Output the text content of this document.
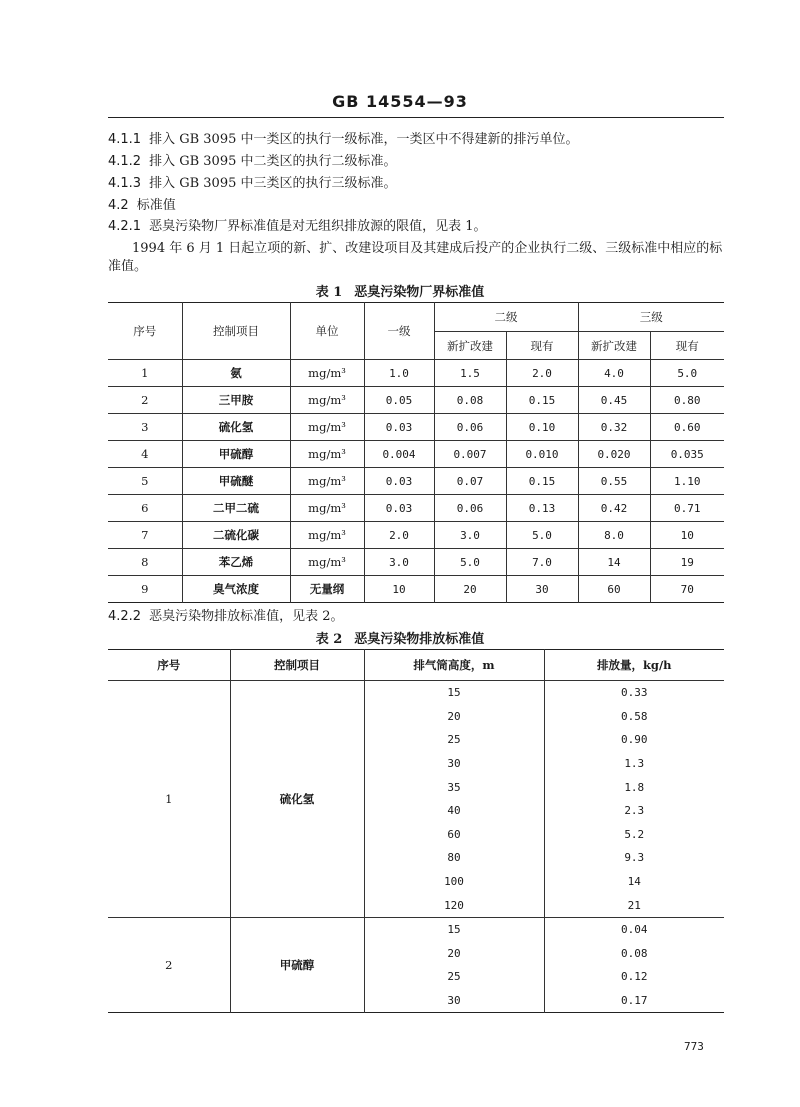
GB 14554—93
4.1.1 排入 GB 3095 中一类区的执行一级标准，一类区中不得建新的排污单位。
4.1.2 排入 GB 3095 中二类区的执行二级标准。
4.1.3 排入 GB 3095 中三类区的执行三级标准。
4.2 标准值
4.2.1 恶臭污染物厂界标准值是对无组织排放源的限值，见表 1。
1994 年 6 月 1 日起立项的新、扩、改建设项目及其建成后投产的企业执行二级、三级标准中相应的标准值。
表 1 恶臭污染物厂界标准值
序号	控制项目	单位	一级	二级		三级	
				新扩改建	现有	新扩改建	现有
1	氨	mg/m³	1.0	1.5	2.0	4.0	5.0
2	三甲胺	mg/m³	0.05	0.08	0.15	0.45	0.80
3	硫化氢	mg/m³	0.03	0.06	0.10	0.32	0.60
4	甲硫醇	mg/m³	0.004	0.007	0.010	0.020	0.035
5	甲硫醚	mg/m³	0.03	0.07	0.15	0.55	1.10
6	二甲二硫	mg/m³	0.03	0.06	0.13	0.42	0.71
7	二硫化碳	mg/m³	2.0	3.0	5.0	8.0	10
8	苯乙烯	mg/m³	3.0	5.0	7.0	14	19
9	臭气浓度	无量纲	10	20	30	60	70
4.2.2 恶臭污染物排放标准值，见表 2。
表 2 恶臭污染物排放标准值
序号	控制项目	排气筒高度，m	排放量，kg/h
1	硫化氢	15	0.33
		20	0.58
		25	0.90
		30	1.3
		35	1.8
		40	2.3
		60	5.2
		80	9.3
		100	14
		120	21
2	甲硫醇	15	0.04
		20	0.08
		25	0.12
		30	0.17
773
